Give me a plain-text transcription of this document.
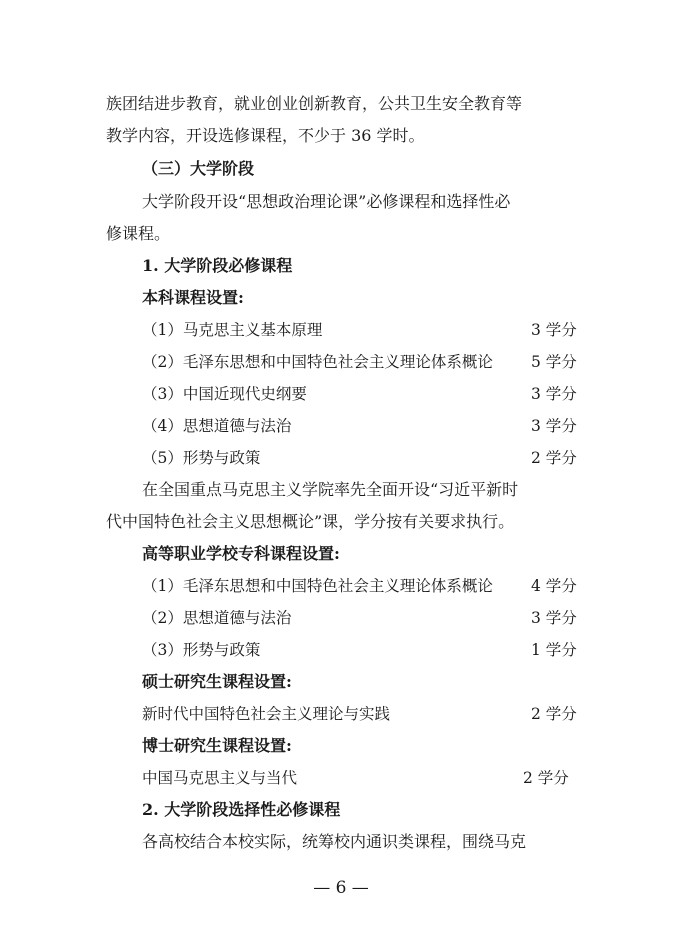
族团结进步教育，就业创业创新教育，公共卫生安全教育等
教学内容，开设选修课程，不少于 36 学时。
（三）大学阶段
大学阶段开设“思想政治理论课”必修课程和选择性必
修课程。
1. 大学阶段必修课程
本科课程设置:
（1）马克思主义基本原理	3 学分
（2）毛泽东思想和中国特色社会主义理论体系概论 5 学分
（3）中国近现代史纲要	3 学分
（4）思想道德与法治	3 学分
（5）形势与政策	2 学分
在全国重点马克思主义学院率先全面开设“习近平新时
代中国特色社会主义思想概论”课，学分按有关要求执行。
高等职业学校专科课程设置:
（1）毛泽东思想和中国特色社会主义理论体系概论 4 学分
（2）思想道德与法治	3 学分
（3）形势与政策	1 学分
硕士研究生课程设置:
新时代中国特色社会主义理论与实践	2 学分
博士研究生课程设置:
中国马克思主义与当代	2 学分
2. 大学阶段选择性必修课程
各高校结合本校实际，统筹校内通识类课程，围绕马克
— 6 —
